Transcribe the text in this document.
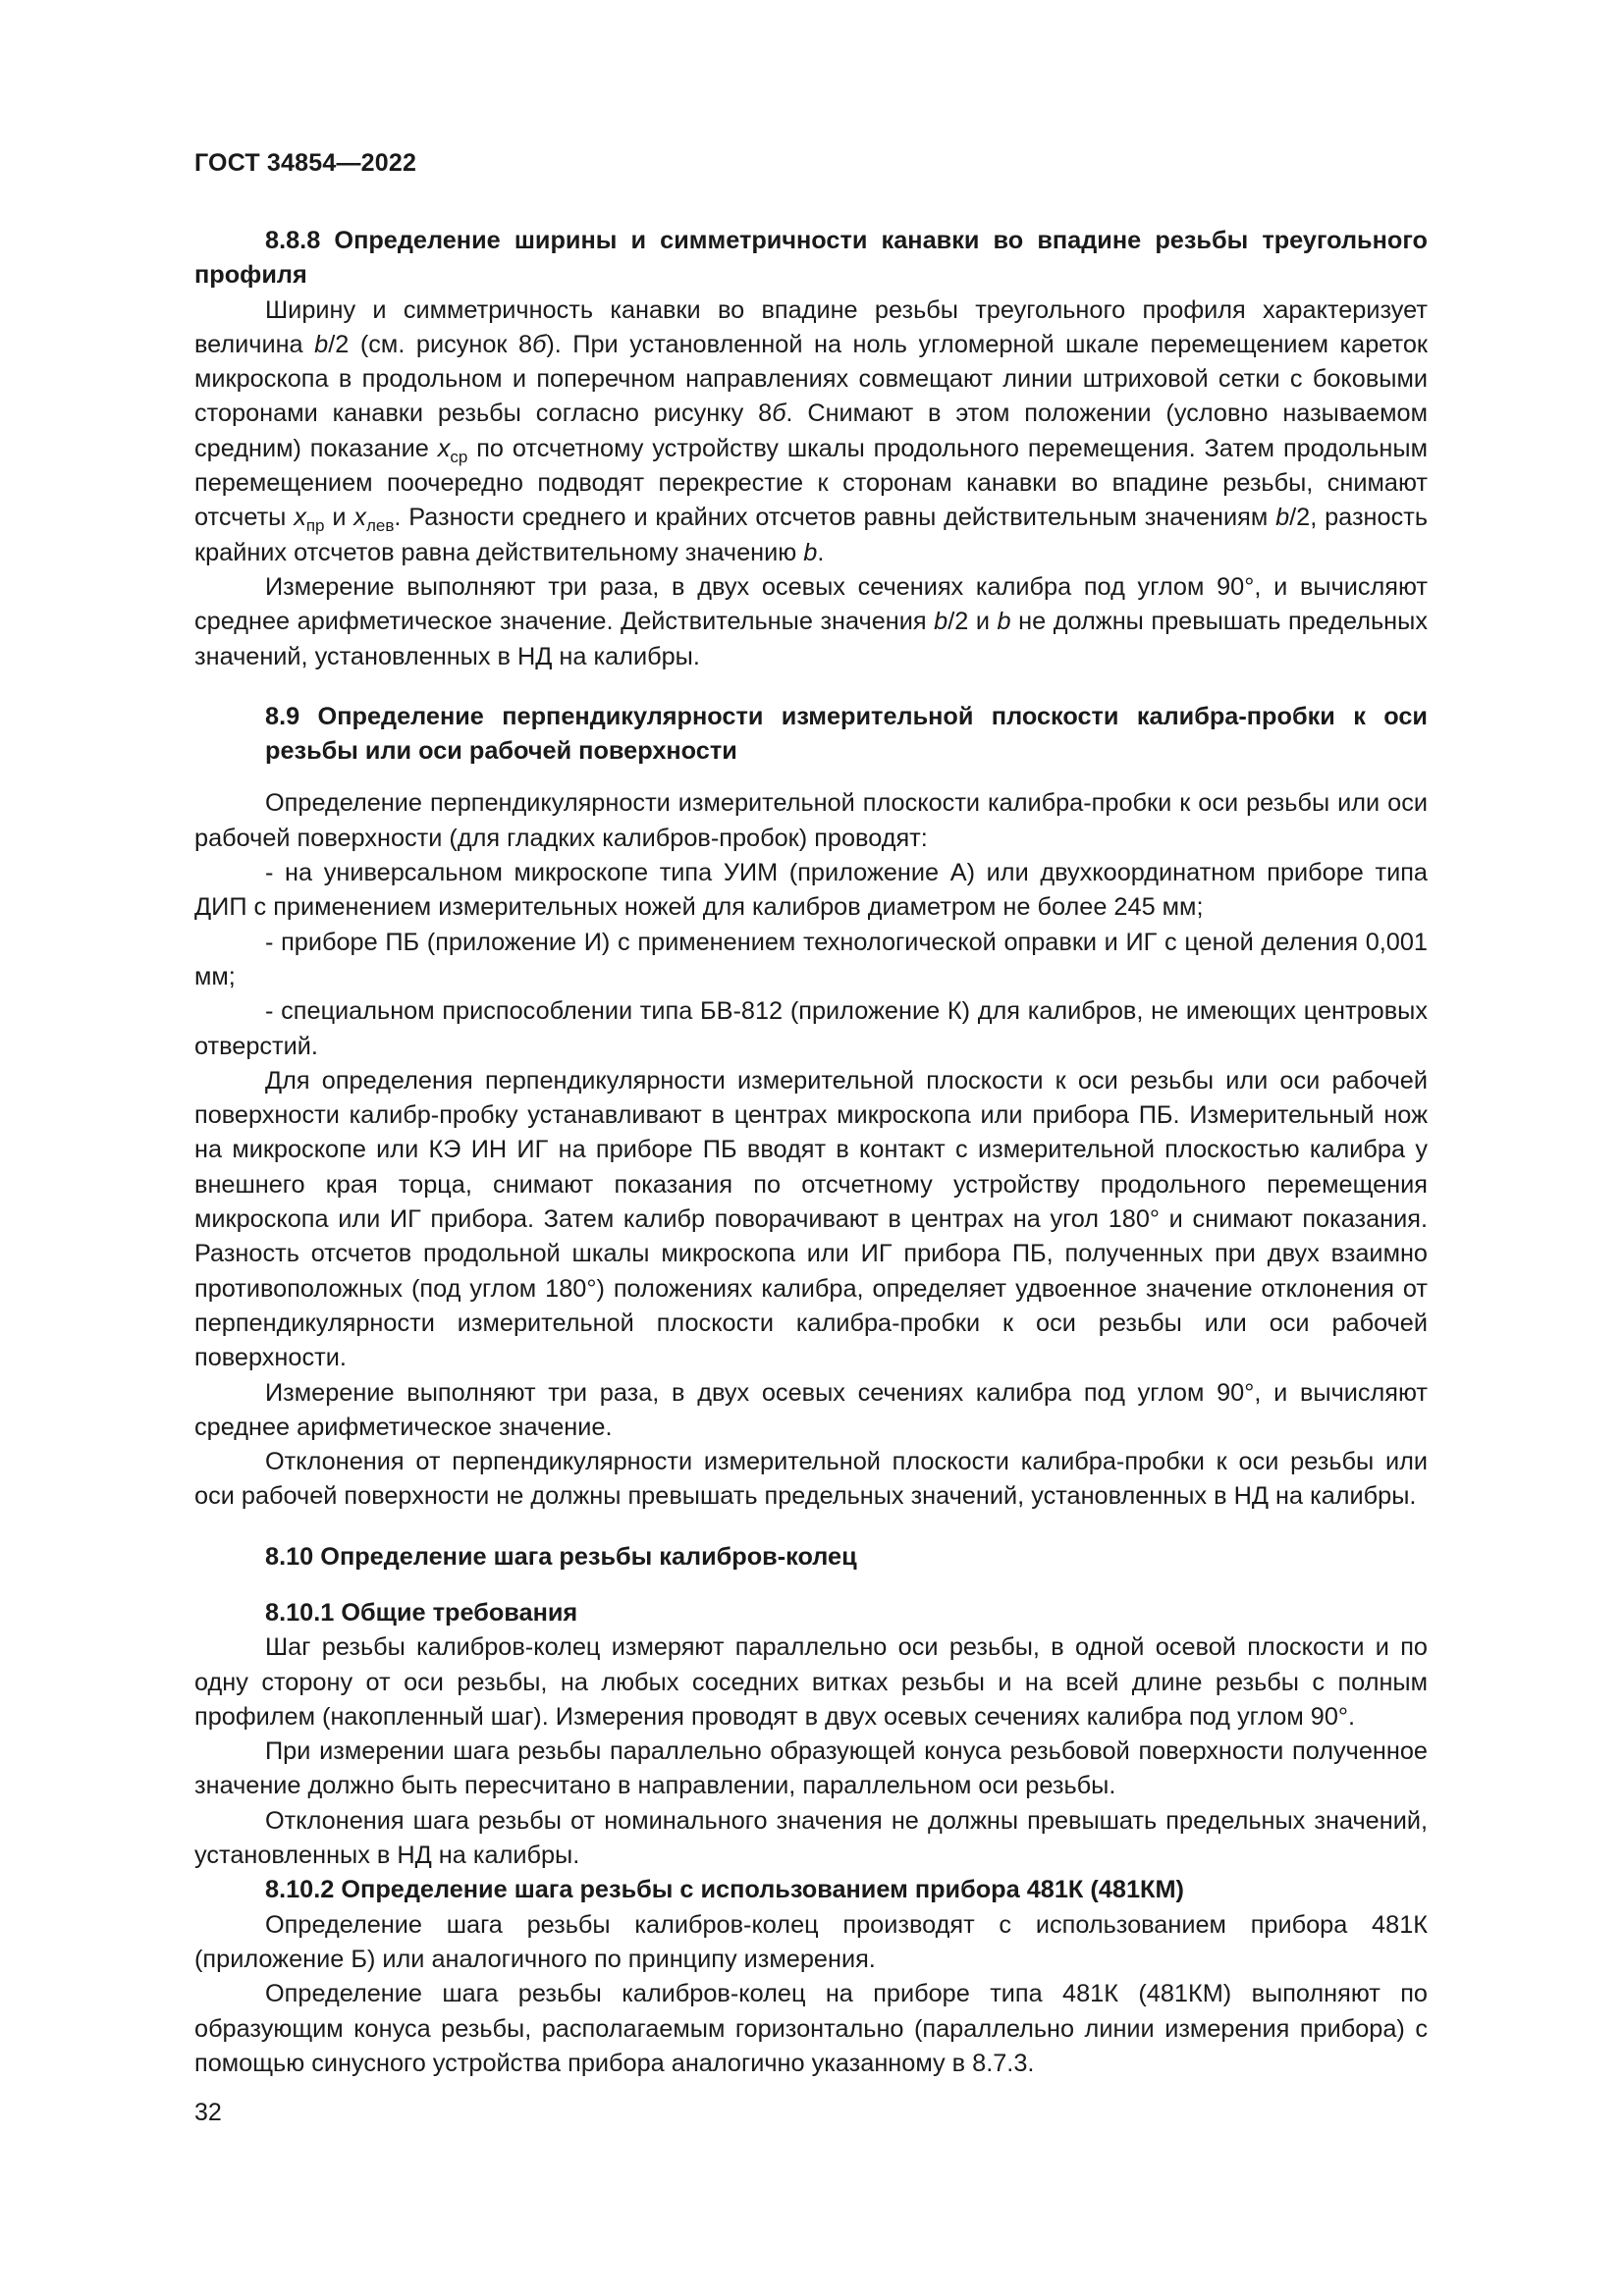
ГОСТ 34854—2022

8.8.8 Определение ширины и симметричности канавки во впадине резьбы треугольного профиля

Ширину и симметричность канавки во впадине резьбы треугольного профиля характеризует величина b/2 (см. рисунок 8б). При установленной на ноль угломерной шкале перемещением кареток микроскопа в продольном и поперечном направлениях совмещают линии штриховой сетки с боковыми сторонами канавки резьбы согласно рисунку 8б. Снимают в этом положении (условно называемом средним) показание $x_{ср}$ по отсчетному устройству шкалы продольного перемещения. Затем продольным перемещением поочередно подводят перекрестие к сторонам канавки во впадине резьбы, снимают отсчеты $x_{пр}$ и $x_{лев}$. Разности среднего и крайних отсчетов равны действительным значениям b/2, разность крайних отсчетов равна действительному значению b.

Измерение выполняют три раза, в двух осевых сечениях калибра под углом 90°, и вычисляют среднее арифметическое значение. Действительные значения b/2 и b не должны превышать предельных значений, установленных в НД на калибры.

8.9 Определение перпендикулярности измерительной плоскости калибра-пробки к оси резьбы или оси рабочей поверхности

Определение перпендикулярности измерительной плоскости калибра-пробки к оси резьбы или оси рабочей поверхности (для гладких калибров-пробок) проводят:

- на универсальном микроскопе типа УИМ (приложение А) или двухкоординатном приборе типа ДИП с применением измерительных ножей для калибров диаметром не более 245 мм;

- приборе ПБ (приложение И) с применением технологической оправки и ИГ с ценой деления 0,001 мм;

- специальном приспособлении типа БВ-812 (приложение К) для калибров, не имеющих центровых отверстий.

Для определения перпендикулярности измерительной плоскости к оси резьбы или оси рабочей поверхности калибр-пробку устанавливают в центрах микроскопа или прибора ПБ. Измерительный нож на микроскопе или КЭ ИН ИГ на приборе ПБ вводят в контакт с измерительной плоскостью калибра у внешнего края торца, снимают показания по отсчетному устройству продольного перемещения микроскопа или ИГ прибора. Затем калибр поворачивают в центрах на угол 180° и снимают показания. Разность отсчетов продольной шкалы микроскопа или ИГ прибора ПБ, полученных при двух взаимно противоположных (под углом 180°) положениях калибра, определяет удвоенное значение отклонения от перпендикулярности измерительной плоскости калибра-пробки к оси резьбы или оси рабочей поверхности.

Измерение выполняют три раза, в двух осевых сечениях калибра под углом 90°, и вычисляют среднее арифметическое значение.

Отклонения от перпендикулярности измерительной плоскости калибра-пробки к оси резьбы или оси рабочей поверхности не должны превышать предельных значений, установленных в НД на калибры.

8.10 Определение шага резьбы калибров-колец

8.10.1 Общие требования

Шаг резьбы калибров-колец измеряют параллельно оси резьбы, в одной осевой плоскости и по одну сторону от оси резьбы, на любых соседних витках резьбы и на всей длине резьбы с полным профилем (накопленный шаг). Измерения проводят в двух осевых сечениях калибра под углом 90°.

При измерении шага резьбы параллельно образующей конуса резьбовой поверхности полученное значение должно быть пересчитано в направлении, параллельном оси резьбы.

Отклонения шага резьбы от номинального значения не должны превышать предельных значений, установленных в НД на калибры.

8.10.2 Определение шага резьбы с использованием прибора 481К (481КМ)

Определение шага резьбы калибров-колец производят с использованием прибора 481К (приложение Б) или аналогичного по принципу измерения.

Определение шага резьбы калибров-колец на приборе типа 481К (481КМ) выполняют по образующим конуса резьбы, располагаемым горизонтально (параллельно линии измерения прибора) с помощью синусного устройства прибора аналогично указанному в 8.7.3.

32
